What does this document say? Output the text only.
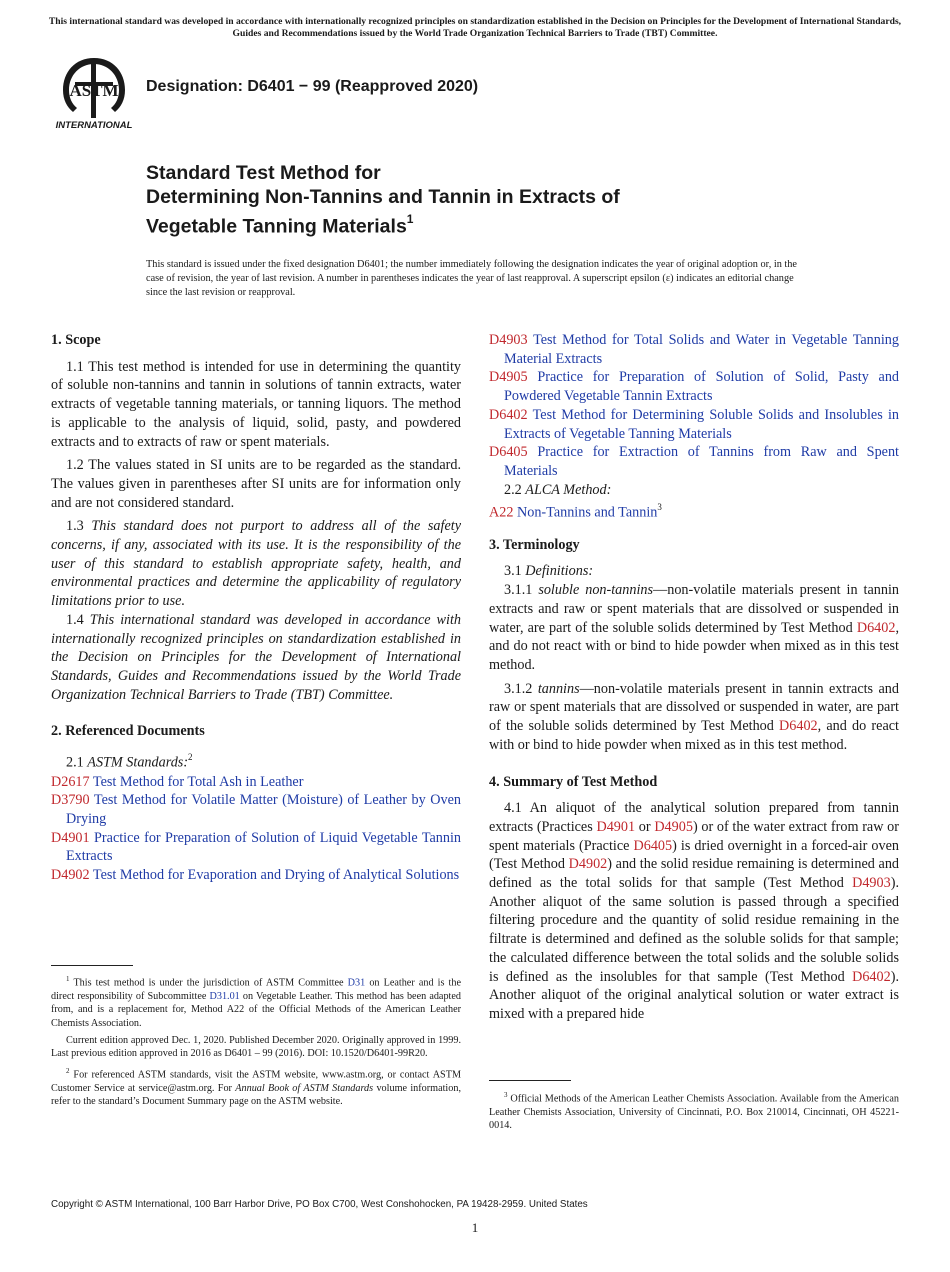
This international standard was developed in accordance with internationally recognized principles on standardization established in the Decision on Principles for the Development of International Standards, Guides and Recommendations issued by the World Trade Organization Technical Barriers to Trade (TBT) Committee.
ASTM
INTERNATIONAL
Designation: D6401 − 99 (Reapproved 2020)
Standard Test Method for
Determining Non-Tannins and Tannin in Extracts of
Vegetable Tanning Materials$^1$
This standard is issued under the fixed designation D6401; the number immediately following the designation indicates the year of original adoption or, in the case of revision, the year of last revision. A number in parentheses indicates the year of last reapproval. A superscript epsilon (ε) indicates an editorial change since the last revision or reapproval.
1. Scope

1.1 This test method is intended for use in determining the quantity of soluble non-tannins and tannin in solutions of tannin extracts, water extracts of vegetable tanning materials, or tanning liquors. The method is applicable to the analysis of liquid, solid, pasty, and powdered extracts and to extracts of raw or spent materials.

1.2 The values stated in SI units are to be regarded as the standard. The values given in parentheses after SI units are for information only and are not considered standard.

1.3 This standard does not purport to address all of the safety concerns, if any, associated with its use. It is the responsibility of the user of this standard to establish appropriate safety, health, and environmental practices and determine the applicability of regulatory limitations prior to use.

1.4 This international standard was developed in accordance with internationally recognized principles on standardization established in the Decision on Principles for the Development of International Standards, Guides and Recommendations issued by the World Trade Organization Technical Barriers to Trade (TBT) Committee.

2. Referenced Documents

2.1 ASTM Standards:$^2$

D2617 Test Method for Total Ash in Leather

D3790 Test Method for Volatile Matter (Moisture) of Leather by Oven Drying

D4901 Practice for Preparation of Solution of Liquid Vegetable Tannin Extracts

D4902 Test Method for Evaporation and Drying of Analytical Solutions

$^1$ This test method is under the jurisdiction of ASTM Committee D31 on Leather and is the direct responsibility of Subcommittee D31.01 on Vegetable Leather. This method has been adapted from, and is a replacement for, Method A22 of the Official Methods of the American Leather Chemists Association.

Current edition approved Dec. 1, 2020. Published December 2020. Originally approved in 1999. Last previous edition approved in 2016 as D6401 – 99 (2016). DOI: 10.1520/D6401-99R20.

$^2$ For referenced ASTM standards, visit the ASTM website, www.astm.org, or contact ASTM Customer Service at service@astm.org. For Annual Book of ASTM Standards volume information, refer to the standard’s Document Summary page on the ASTM website.

D4903 Test Method for Total Solids and Water in Vegetable Tanning Material Extracts

D4905 Practice for Preparation of Solution of Solid, Pasty and Powdered Vegetable Tannin Extracts

D6402 Test Method for Determining Soluble Solids and Insolubles in Extracts of Vegetable Tanning Materials

D6405 Practice for Extraction of Tannins from Raw and Spent Materials

2.2 ALCA Method:

A22 Non-Tannins and Tannin$^3$

3. Terminology

3.1 Definitions:

3.1.1 soluble non-tannins—non-volatile materials present in tannin extracts and raw or spent materials that are dissolved or suspended in water, are part of the soluble solids determined by Test Method D6402, and do not react with or bind to hide powder when mixed as in this test method.

3.1.2 tannins—non-volatile materials present in tannin extracts and raw or spent materials that are dissolved or suspended in water, are part of the soluble solids determined by Test Method D6402, and do react with or bind to hide powder when mixed as in this test method.

4. Summary of Test Method

4.1 An aliquot of the analytical solution prepared from tannin extracts (Practices D4901 or D4905) or of the water extract from raw or spent materials (Practice D6405) is dried overnight in a forced-air oven (Test Method D4902) and the solid residue remaining is determined and defined as the total solids for that sample (Test Method D4903). Another aliquot of the same solution is passed through a specified filtering procedure and the quantity of solid residue remaining in the filtrate is determined and defined as the soluble solids for that sample; the calculated difference between the total solids and the soluble solids is defined as the insolubles for that sample (Test Method D6402). Another aliquot of the original analytical solution or water extract is mixed with a prepared hide

$^3$ Official Methods of the American Leather Chemists Association. Available from the American Leather Chemists Association, University of Cincinnati, P.O. Box 210014, Cincinnati, OH 45221-0014.

Copyright © ASTM International, 100 Barr Harbor Drive, PO Box C700, West Conshohocken, PA 19428-2959. United States
1
